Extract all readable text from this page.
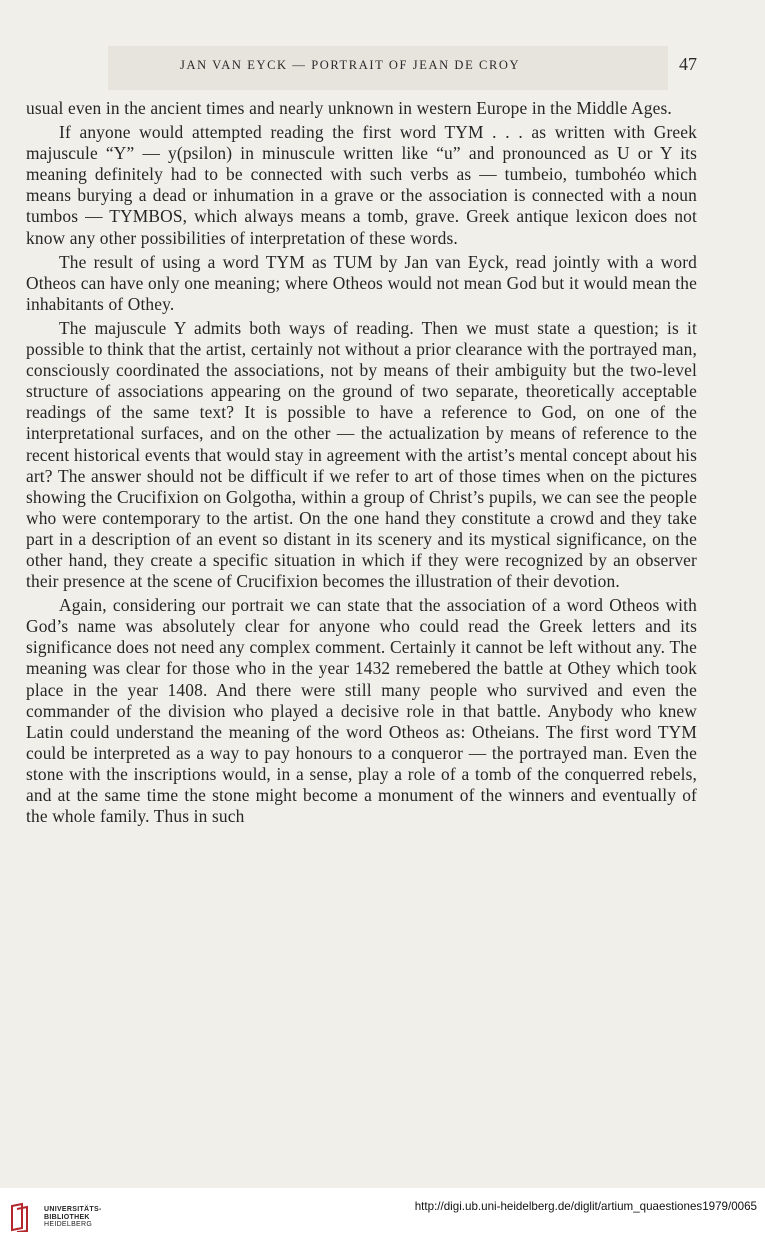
JAN VAN EYCK — PORTRAIT OF JEAN DE CROY	47

usual even in the ancient times and nearly unknown in western Europe in the Middle Ages.

If anyone would attempted reading the first word TYM . . . as written with Greek majuscule “Y” — y(psilon) in minuscule written like “u” and pronounced as U or Y its meaning definitely had to be connected with such verbs as — tumbeio, tumbohéo which means burying a dead or inhumation in a grave or the association is connected with a noun tumbos — TYMBOS, which always means a tomb, grave. Greek antique lexicon does not know any other possibilities of interpretation of these words.

The result of using a word TYM as TUM by Jan van Eyck, read jointly with a word Otheos can have only one meaning; where Otheos would not mean God but it would mean the inhabitants of Othey.

The majuscule Y admits both ways of reading. Then we must state a question; is it possible to think that the artist, certainly not without a prior clearance with the portrayed man, consciously coordinated the associations, not by means of their ambiguity but the two-level structure of associations appearing on the ground of two separate, theoretically acceptable readings of the same text? It is possible to have a reference to God, on one of the interpretational surfaces, and on the other — the actualization by means of reference to the recent historical events that would stay in agreement with the artist’s mental concept about his art? The answer should not be difficult if we refer to art of those times when on the pictures showing the Crucifixion on Golgotha, within a group of Christ’s pupils, we can see the people who were contemporary to the artist. On the one hand they constitute a crowd and they take part in a description of an event so distant in its scenery and its mystical significance, on the other hand, they create a specific situation in which if they were recognized by an observer their presence at the scene of Crucifixion becomes the illustration of their devotion.

Again, considering our portrait we can state that the association of a word Otheos with God’s name was absolutely clear for anyone who could read the Greek letters and its significance does not need any complex comment. Certainly it cannot be left without any. The meaning was clear for those who in the year 1432 remebered the battle at Othey which took place in the year 1408. And there were still many people who survived and even the commander of the division who played a decisive role in that battle. Anybody who knew Latin could understand the meaning of the word Otheos as: Otheians. The first word TYM could be interpreted as a way to pay honours to a conqueror — the portrayed man. Even the stone with the inscriptions would, in a sense, play a role of a tomb of the conquerred rebels, and at the same time the stone might become a monument of the winners and eventually of the whole family. Thus in such

UNIVERSITÄTS-
BIBLIOTHEK
HEIDELBERG
http://digi.ub.uni-heidelberg.de/diglit/artium_quaestiones1979/0065
